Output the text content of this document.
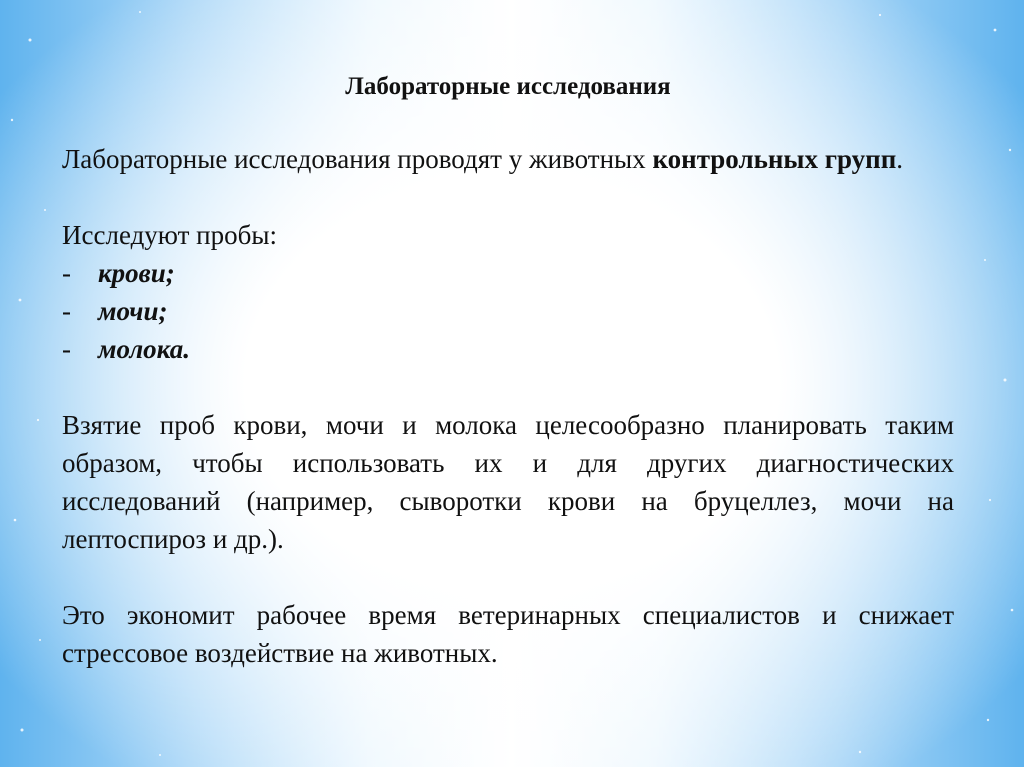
Лабораторные исследования

Лабораторные исследования проводят у животных контрольных групп.

Исследуют пробы:
-	крови;
-	мочи;
-	молока.

Взятие проб крови, мочи и молока целесообразно планировать таким образом, чтобы использовать их и для других диагностических исследований (например, сыворотки крови на бруцеллез, мочи на лептоспироз и др.).

Это экономит рабочее время ветеринарных специалистов и снижает стрессовое воздействие на животных.
